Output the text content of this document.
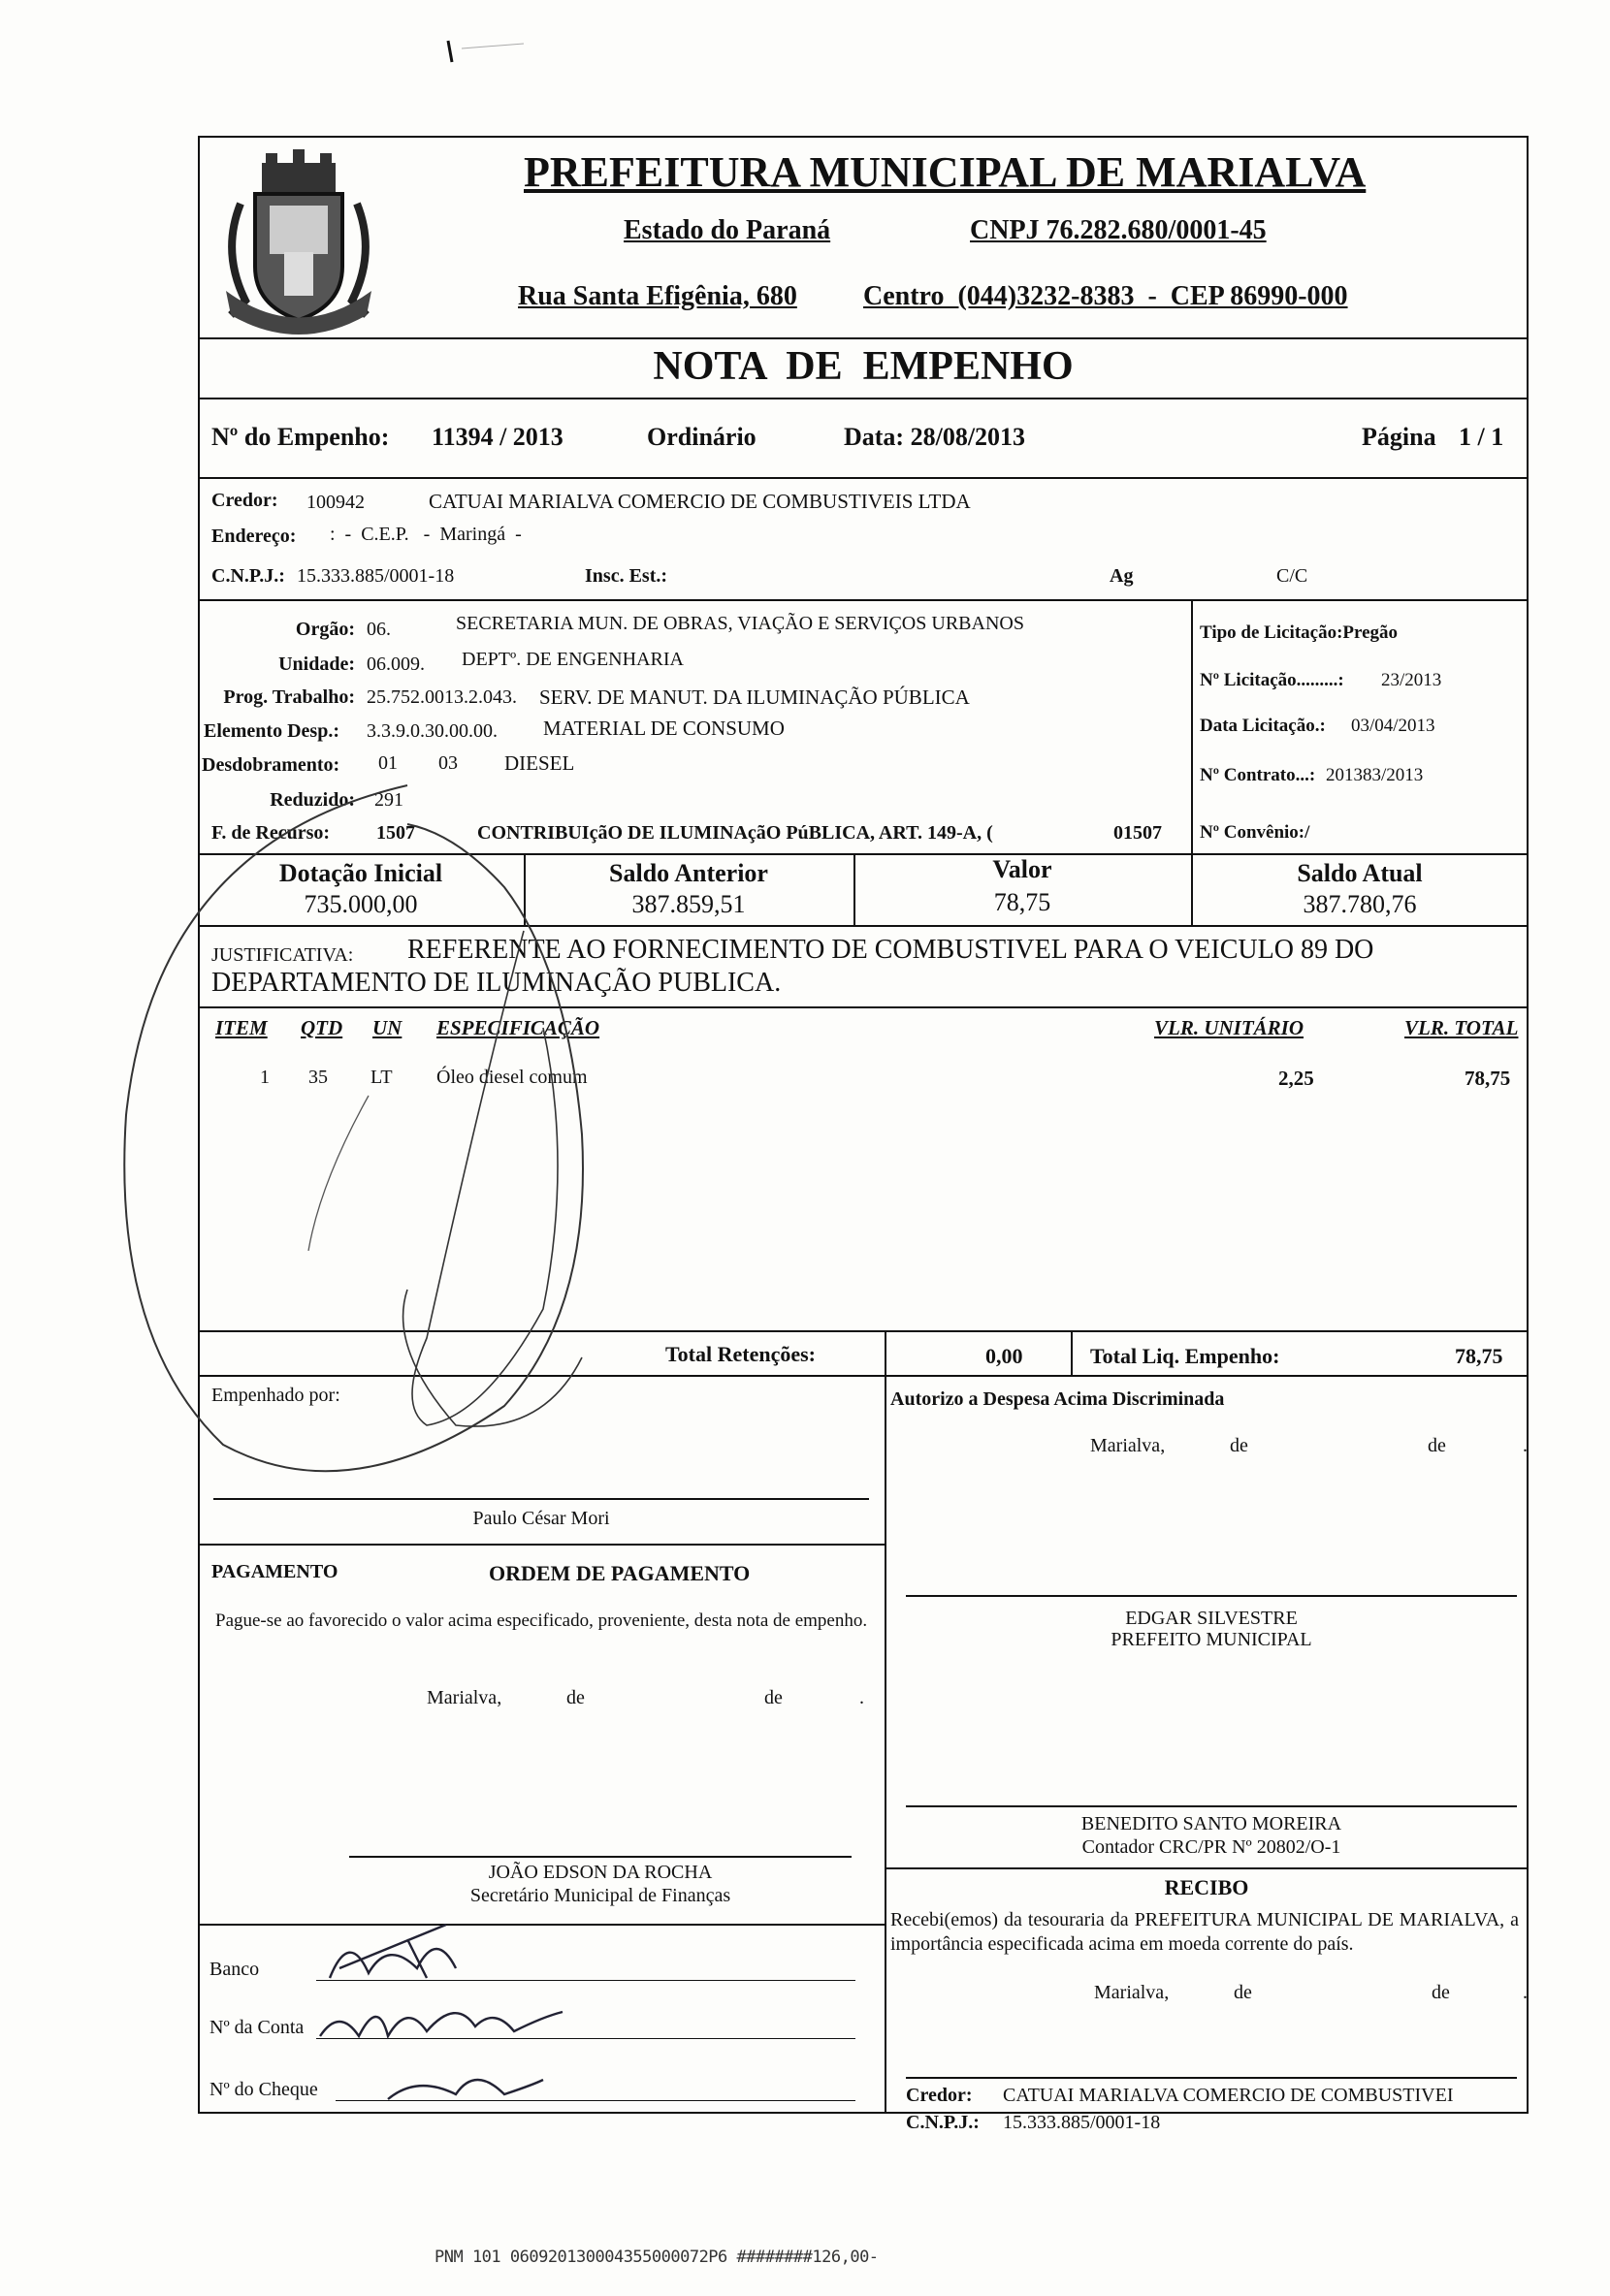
PREFEITURA MUNICIPAL DE MARIALVA
Estado do Paraná	CNPJ 76.282.680/0001-45
Rua Santa Efigênia, 680 Centro  (044)3232-8383  -  CEP 86990-000
NOTA  DE  EMPENHO
Nº do Empenho: 11394 / 2013	Ordinário	Data: 28/08/2013	Página 1 / 1
Credor: 100942	CATUAI MARIALVA COMERCIO DE COMBUSTIVEIS LTDA
Endereço: :  -  C.E.P.   -  Maringá  -
C.N.P.J.: 15.333.885/0001-18	Insc. Est.:	Ag	C/C
Orgão: 06.	SECRETARIA MUN. DE OBRAS, VIAÇÃO E SERVIÇOS URBANOS
Unidade: 06.009. DEPTº. DE ENGENHARIA
Prog. Trabalho: 25.752.0013.2.043. SERV. DE MANUT. DA ILUMINAÇÃO PÚBLICA
Elemento Desp.: 3.3.9.0.30.00.00. MATERIAL DE CONSUMO
Desdobramento: 01 03 DIESEL
Reduzido: 291
F. de Recurso: 1507	CONTRIBUIçãO DE ILUMINAçãO PúBLICA, ART. 149-A, (	01507
Tipo de Licitação:Pregão
Nº Licitação.........: 23/2013
Data Licitação.: 03/04/2013
Nº Contrato...: 201383/2013
Nº Convênio:/
Dotação Inicial
735.000,00
Saldo Anterior
387.859,51
Valor
78,75
Saldo Atual
387.780,76
JUSTIFICATIVA: REFERENTE AO FORNECIMENTO DE COMBUSTIVEL PARA O VEICULO 89 DO
DEPARTAMENTO DE ILUMINAÇÃO PUBLICA.
ITEM QTD UN ESPECIFICAÇÃO	VLR. UNITÁRIO	VLR. TOTAL
1 35 LT Óleo diesel comum	2,25	78,75
Total Retenções:	0,00	Total Liq. Empenho:	78,75
Empenhado por:
Paulo César Mori
PAGAMENTO	ORDEM DE PAGAMENTO
Pague-se ao favorecido o valor acima especificado, proveniente, desta nota de empenho.
Marialva,	de	de	.
JOÃO EDSON DA ROCHA
Secretário Municipal de Finanças
Banco
Nº da Conta
Nº do Cheque
Autorizo a Despesa Acima Discriminada
Marialva,	de	de	.
EDGAR SILVESTRE
PREFEITO MUNICIPAL
BENEDITO SANTO MOREIRA
Contador CRC/PR Nº 20802/O-1
RECIBO
Recebi(emos) da tesouraria da PREFEITURA MUNICIPAL DE MARIALVA, a importância especificada acima em moeda corrente do país.
Marialva,	de	de	.
Credor: CATUAI MARIALVA COMERCIO DE COMBUSTIVEI
C.N.P.J.: 15.333.885/0001-18
PNM 101 060920130004355000072P6 ########126,00-
